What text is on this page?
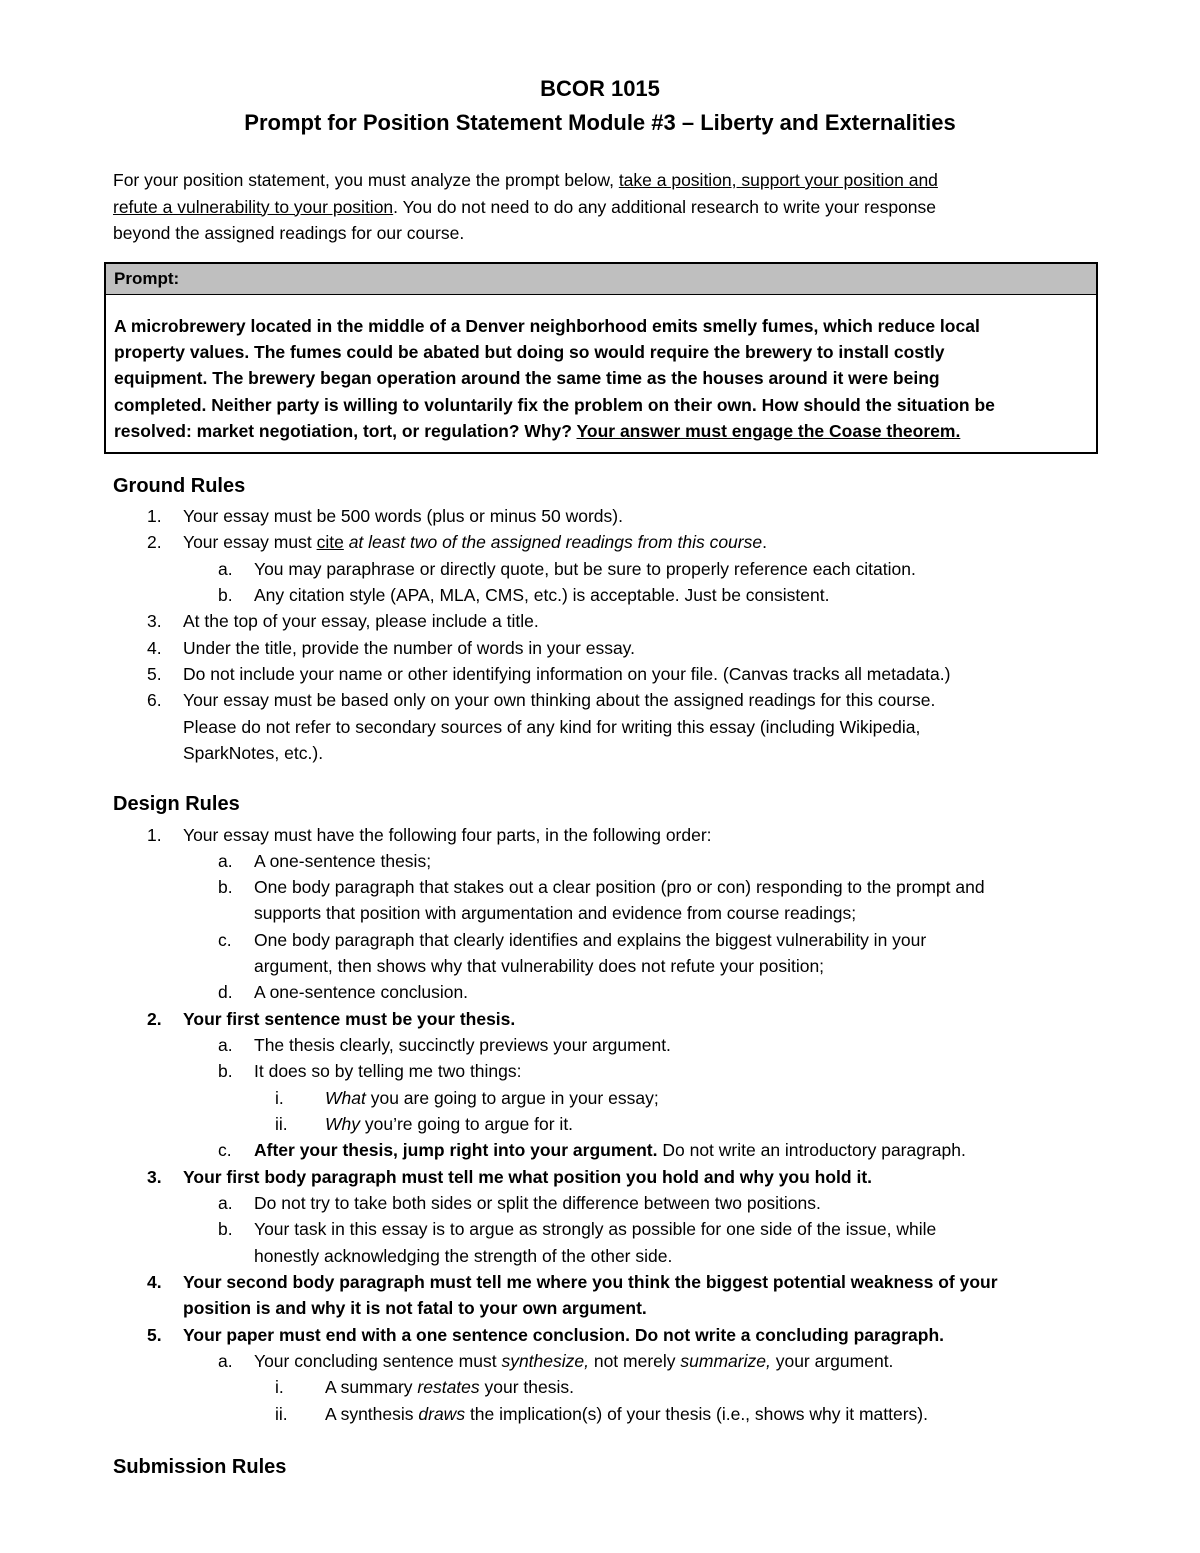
BCOR 1015
Prompt for Position Statement Module #3 – Liberty and Externalities
For your position statement, you must analyze the prompt below, take a position, support your position and
refute a vulnerability to your position. You do not need to do any additional research to write your response
beyond the assigned readings for our course.
Prompt:
A microbrewery located in the middle of a Denver neighborhood emits smelly fumes, which reduce local
property values. The fumes could be abated but doing so would require the brewery to install costly
equipment. The brewery began operation around the same time as the houses around it were being
completed. Neither party is willing to voluntarily fix the problem on their own. How should the situation be
resolved: market negotiation, tort, or regulation? Why? Your answer must engage the Coase theorem.
Ground Rules
1. Your essay must be 500 words (plus or minus 50 words).
2. Your essay must cite at least two of the assigned readings from this course.
a. You may paraphrase or directly quote, but be sure to properly reference each citation.
b. Any citation style (APA, MLA, CMS, etc.) is acceptable. Just be consistent.
3. At the top of your essay, please include a title.
4. Under the title, provide the number of words in your essay.
5. Do not include your name or other identifying information on your file. (Canvas tracks all metadata.)
6. Your essay must be based only on your own thinking about the assigned readings for this course.
Please do not refer to secondary sources of any kind for writing this essay (including Wikipedia,
SparkNotes, etc.).
Design Rules
1. Your essay must have the following four parts, in the following order:
a. A one-sentence thesis;
b. One body paragraph that stakes out a clear position (pro or con) responding to the prompt and
supports that position with argumentation and evidence from course readings;
c. One body paragraph that clearly identifies and explains the biggest vulnerability in your
argument, then shows why that vulnerability does not refute your position;
d. A one-sentence conclusion.
2. Your first sentence must be your thesis.
a. The thesis clearly, succinctly previews your argument.
b. It does so by telling me two things:
i. What you are going to argue in your essay;
ii. Why you’re going to argue for it.
c. After your thesis, jump right into your argument. Do not write an introductory paragraph.
3. Your first body paragraph must tell me what position you hold and why you hold it.
a. Do not try to take both sides or split the difference between two positions.
b. Your task in this essay is to argue as strongly as possible for one side of the issue, while
honestly acknowledging the strength of the other side.
4. Your second body paragraph must tell me where you think the biggest potential weakness of your
position is and why it is not fatal to your own argument.
5. Your paper must end with a one sentence conclusion. Do not write a concluding paragraph.
a. Your concluding sentence must synthesize, not merely summarize, your argument.
i. A summary restates your thesis.
ii. A synthesis draws the implication(s) of your thesis (i.e., shows why it matters).
Submission Rules
